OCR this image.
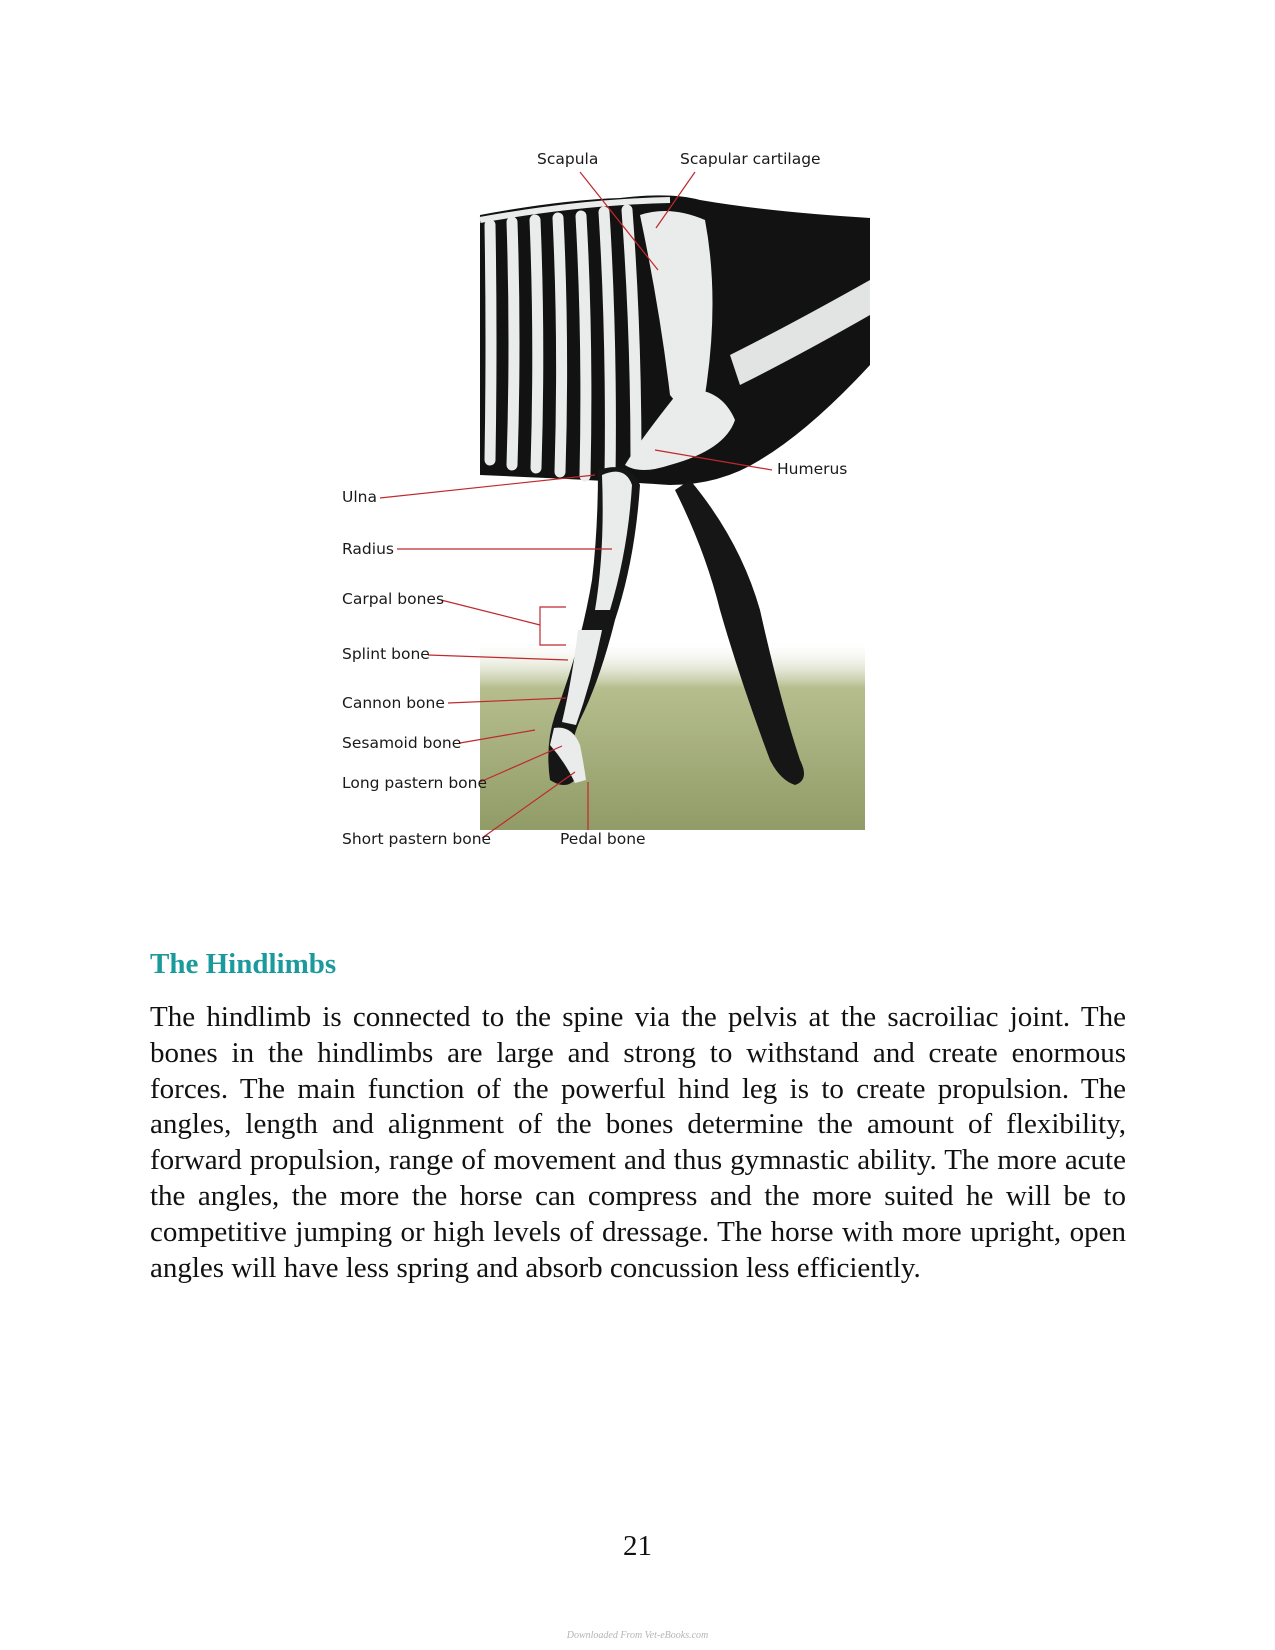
Scapula	Scapular cartilage
Humerus
Ulna
Radius
Carpal bones
Splint bone
Cannon bone
Sesamoid bone
Long pastern bone
Short pastern bone	Pedal bone
The Hindlimbs

The hindlimb is connected to the spine via the pelvis at the sacroiliac joint. The bones in the hindlimbs are large and strong to withstand and create enormous forces. The main function of the powerful hind leg is to create propulsion. The angles, length and alignment of the bones determine the amount of flexibility, forward propulsion, range of movement and thus gymnastic ability. The more acute the angles, the more the horse can compress and the more suited he will be to competitive jumping or high levels of dressage. The horse with more upright, open angles will have less spring and absorb concussion less efficiently.

21
Downloaded From Vet-eBooks.com
